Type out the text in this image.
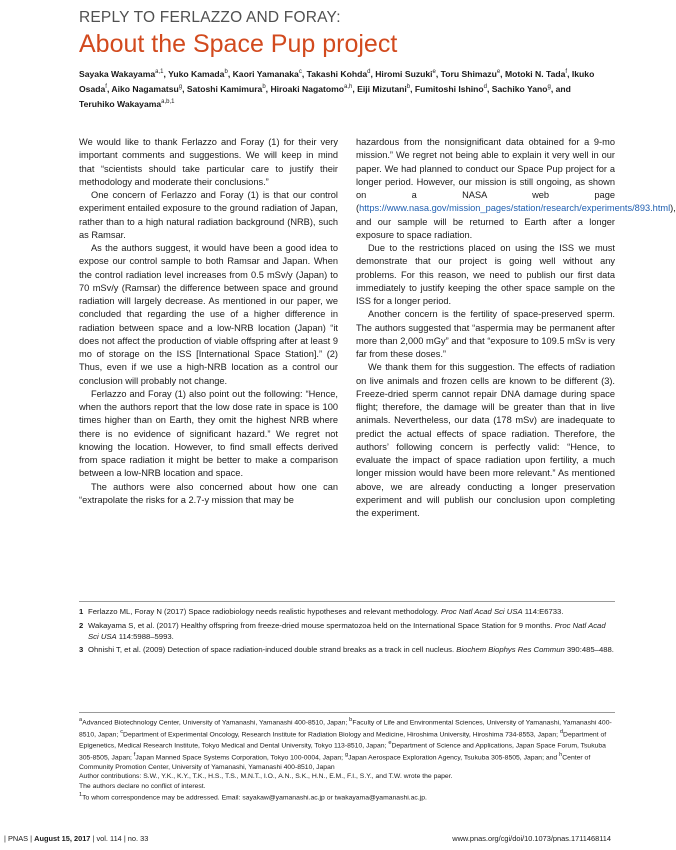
REPLY TO FERLAZZO AND FORAY:
About the Space Pup project
Sayaka Wakayama$^{a,1}$, Yuko Kamada$^b$, Kaori Yamanaka$^c$, Takashi Kohda$^d$, Hiromi Suzuki$^e$, Toru Shimazu$^e$, Motoki N. Tada$^f$, Ikuko Osada$^f$, Aiko Nagamatsu$^g$, Satoshi Kamimura$^b$, Hiroaki Nagatomo$^{a,h}$, Eiji Mizutani$^b$, Fumitoshi Ishino$^d$, Sachiko Yano$^g$, and Teruhiko Wakayama$^{a,b,1}$

We would like to thank Ferlazzo and Foray (1) for their very important comments and suggestions. We will keep in mind that “scientists should take particular care to justify their methodology and moderate their conclusions.”

One concern of Ferlazzo and Foray (1) is that our control experiment entailed exposure to the ground radiation of Japan, rather than to a high natural radiation background (NRB), such as Ramsar.

As the authors suggest, it would have been a good idea to expose our control sample to both Ramsar and Japan. When the control radiation level increases from 0.5 mSv/y (Japan) to 70 mSv/y (Ramsar) the difference between space and ground radiation will largely decrease. As mentioned in our paper, we concluded that regarding the use of a higher difference in radiation between space and a low-NRB location (Japan) “it does not affect the production of viable offspring after at least 9 mo of storage on the ISS [International Space Station].” (2) Thus, even if we use a high-NRB location as a control our conclusion will probably not change.

Ferlazzo and Foray (1) also point out the following: “Hence, when the authors report that the low dose rate in space is 100 times higher than on Earth, they omit the highest NRB where there is no evidence of significant hazard.” We regret not knowing the location. However, to find small effects derived from space radiation it might be better to make a comparison between a low-NRB location and space.

The authors were also concerned about how one can “extrapolate the risks for a 2.7-y mission that may be

hazardous from the nonsignificant data obtained for a 9-mo mission.” We regret not being able to explain it very well in our paper. We had planned to conduct our Space Pup project for a longer period. However, our mission is still ongoing, as shown on a NASA web page (https://www.nasa.gov/mission_pages/station/research/experiments/893.html), and our sample will be returned to Earth after a longer exposure to space radiation.

Due to the restrictions placed on using the ISS we must demonstrate that our project is going well without any problems. For this reason, we need to publish our first data immediately to justify keeping the other space sample on the ISS for a longer period.

Another concern is the fertility of space-preserved sperm. The authors suggested that “aspermia may be permanent after more than 2,000 mGy” and that “exposure to 109.5 mSv is very far from these doses.”

We thank them for this suggestion. The effects of radiation on live animals and frozen cells are known to be different (3). Freeze-dried sperm cannot repair DNA damage during space flight; therefore, the damage will be greater than that in live animals. Nevertheless, our data (178 mSv) are inadequate to predict the actual effects of space radiation. Therefore, the authors’ following concern is perfectly valid: “Hence, to evaluate the impact of space radiation upon fertility, a much longer mission would have been more relevant.” As mentioned above, we are already conducting a longer preservation experiment and will publish our conclusion upon completing the experiment.

1 Ferlazzo ML, Foray N (2017) Space radiobiology needs realistic hypotheses and relevant methodology. Proc Natl Acad Sci USA 114:E6733.
2 Wakayama S, et al. (2017) Healthy offspring from freeze-dried mouse spermatozoa held on the International Space Station for 9 months. Proc Natl Acad Sci USA 114:5988–5993.
3 Ohnishi T, et al. (2009) Detection of space radiation-induced double strand breaks as a track in cell nucleus. Biochem Biophys Res Commun 390:485–488.
$^a$Advanced Biotechnology Center, University of Yamanashi, Yamanashi 400-8510, Japan; $^b$Faculty of Life and Environmental Sciences, University of Yamanashi, Yamanashi 400-8510, Japan; $^c$Department of Experimental Oncology, Research Institute for Radiation Biology and Medicine, Hiroshima University, Hiroshima 734-8553, Japan; $^d$Department of Epigenetics, Medical Research Institute, Tokyo Medical and Dental University, Tokyo 113-8510, Japan; $^e$Department of Science and Applications, Japan Space Forum, Tsukuba 305-8505, Japan; $^f$Japan Manned Space Systems Corporation, Tokyo 100-0004, Japan; $^g$Japan Aerospace Exploration Agency, Tsukuba 305-8505, Japan; and $^h$Center of Community Promotion Center, University of Yamanashi, Yamanashi 400-8510, Japan
Author contributions: S.W., Y.K., K.Y., T.K., H.S., T.S., M.N.T., I.O., A.N., S.K., H.N., E.M., F.I., S.Y., and T.W. wrote the paper.
The authors declare no conflict of interest.
$^1$To whom correspondence may be addressed. Email: sayakaw@yamanashi.ac.jp or twakayama@yamanashi.ac.jp.
| PNAS | August 15, 2017 | vol. 114 | no. 33	www.pnas.org/cgi/doi/10.1073/pnas.1711468114
